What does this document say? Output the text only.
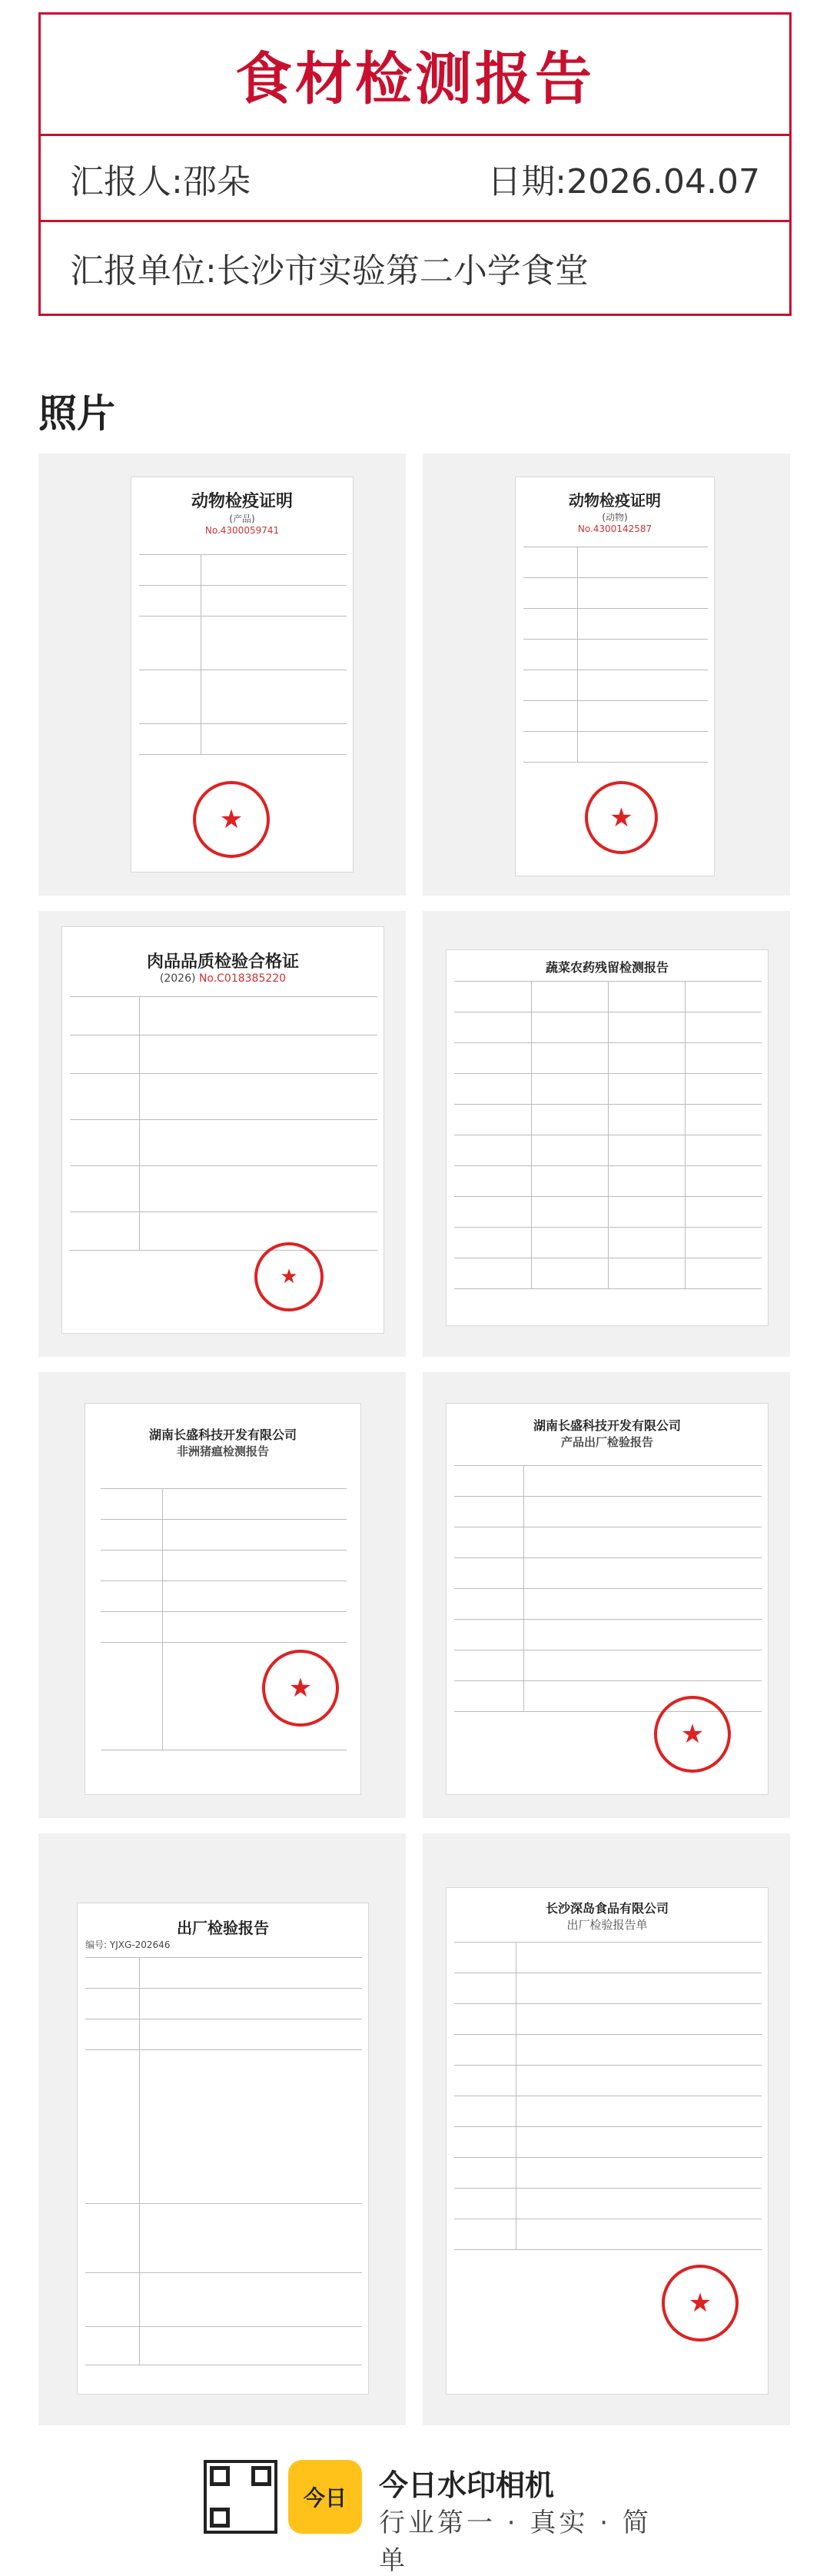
食材检测报告
汇报人:邵朵	日期:2026.04.07
汇报单位:长沙市实验第二小学食堂
照片
动物检疫证明
(产品)
No.4300059741
★
动物检疫证明
(动物)
No.4300142587
★
肉品品质检验合格证
(2026) No.C018385220
★
蔬菜农药残留检测报告
湖南长盛科技开发有限公司
非洲猪瘟检测报告
★
湖南长盛科技开发有限公司
产品出厂检验报告
★
出厂检验报告
编号: YJXG-202646
长沙深岛食品有限公司
出厂检验报告单
★
今日 今日水印相机
行业第一 · 真实 · 简单
